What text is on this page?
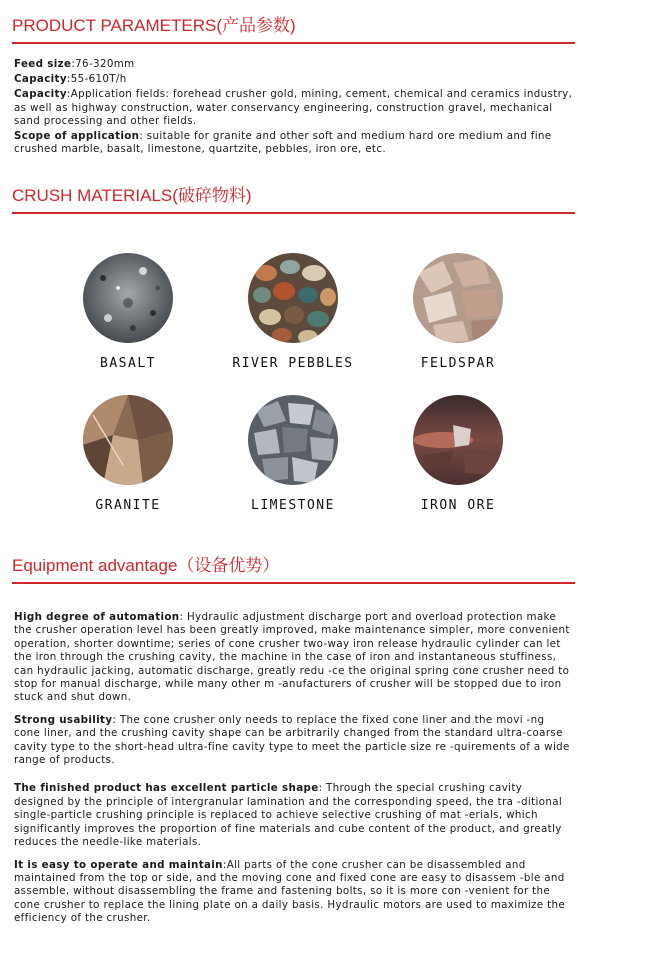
PRODUCT PARAMETERS(产品参数)

Feed size:76-320mm

Capacity:55-610T/h

Capacity:Application fields: forehead crusher gold, mining, cement, chemical and ceramics industry, as well as highway construction, water conservancy engineering, construction gravel, mechanical sand processing and other fields.

Scope of application: suitable for granite and other soft and medium hard ore medium and fine crushed marble, basalt, limestone, quartzite, pebbles, iron ore, etc.

CRUSH MATERIALS(破碎物料)
BASALT	RIVER PEBBLES	FELDSPAR
GRANITE	LIMESTONE	IRON ORE
Equipment advantage（设备优势）

High degree of automation: Hydraulic adjustment discharge port and overload protection make the crusher operation level has been greatly improved, make maintenance simpler, more convenient operation, shorter downtime; series of cone crusher two-way iron release hydraulic cylinder can let the iron through the crushing cavity, the machine in the case of iron and instantaneous stuffiness, can hydraulic jacking, automatic discharge, greatly redu -ce the original spring cone crusher need to stop for manual discharge, while many other m -anufacturers of crusher will be stopped due to iron stuck and shut down.

Strong usability: The cone crusher only needs to replace the fixed cone liner and the movi -ng cone liner, and the crushing cavity shape can be arbitrarily changed from the standard ultra-coarse cavity type to the short-head ultra-fine cavity type to meet the particle size re -quirements of a wide range of products.

The finished product has excellent particle shape: Through the special crushing cavity designed by the principle of intergranular lamination and the corresponding speed, the tra -ditional single-particle crushing principle is replaced to achieve selective crushing of mat -erials, which significantly improves the proportion of fine materials and cube content of the product, and greatly reduces the needle-like materials.

It is easy to operate and maintain:All parts of the cone crusher can be disassembled and maintained from the top or side, and the moving cone and fixed cone are easy to disassem -ble and assemble, without disassembling the frame and fastening bolts, so it is more con -venient for the cone crusher to replace the lining plate on a daily basis. Hydraulic motors are used to maximize the efficiency of the crusher.
